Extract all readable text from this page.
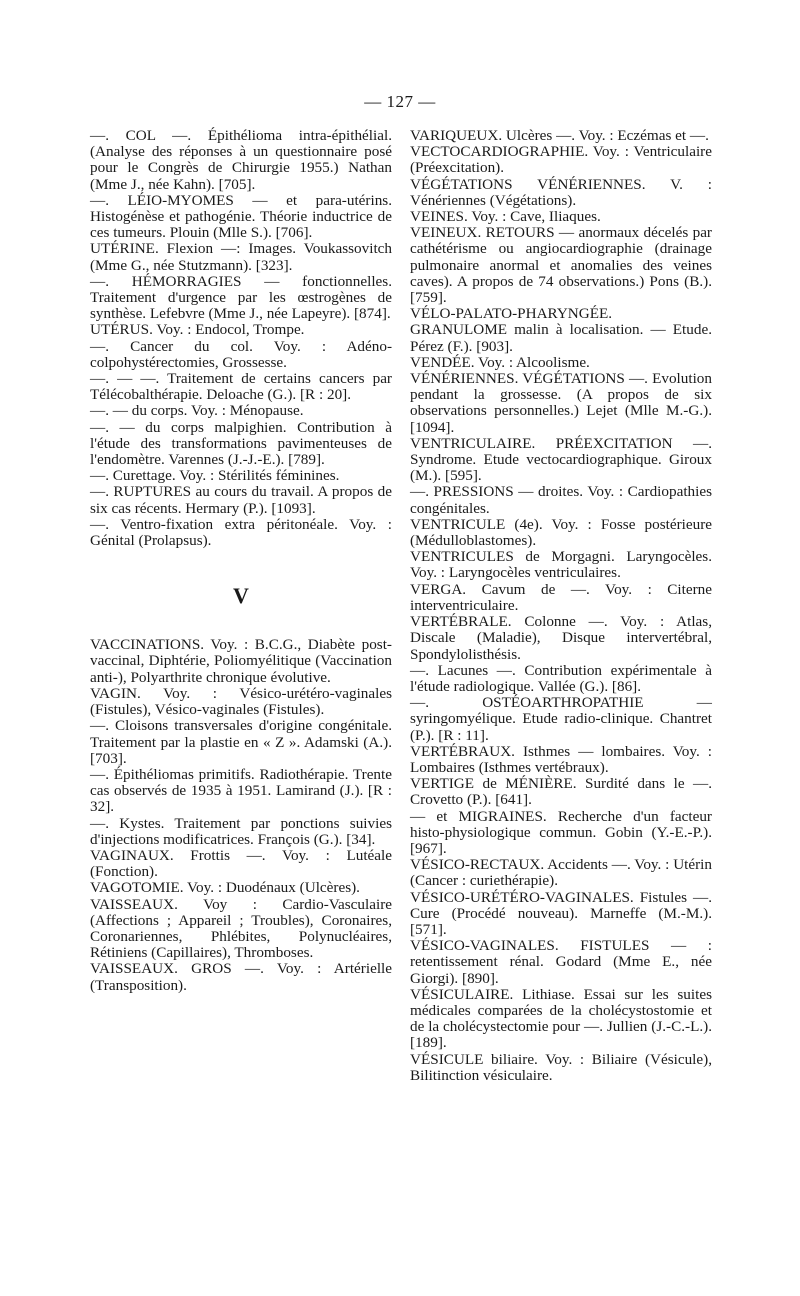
— 127 —

—. COL —. Épithélioma intra-épithélial. (Analyse des réponses à un questionnaire posé pour le Congrès de Chirurgie 1955.) Nathan (Mme J., née Kahn). [705].

—. LÉIO-MYOMES — et para-utérins. Histogénèse et pathogénie. Théorie inductrice de ces tumeurs. Plouin (Mlle S.). [706].

UTÉRINE. Flexion —: Images. Voukassovitch (Mme G., née Stutzmann). [323].

—. HÉMORRAGIES — fonctionnelles. Traitement d'urgence par les œstrogènes de synthèse. Lefebvre (Mme J., née Lapeyre). [874].

UTÉRUS. Voy. : Endocol, Trompe.

—. Cancer du col. Voy. : Adéno-colpohystérectomies, Grossesse.

—. — —. Traitement de certains cancers par Télécobalthérapie. Deloache (G.). [R : 20].

—. — du corps. Voy. : Ménopause.

—. — du corps malpighien. Contribution à l'étude des transformations pavimenteuses de l'endomètre. Varennes (J.-J.-E.). [789].

—. Curettage. Voy. : Stérilités féminines.

—. RUPTURES au cours du travail. A propos de six cas récents. Hermary (P.). [1093].

—. Ventro-fixation extra péritonéale. Voy. : Génital (Prolapsus).

V

VACCINATIONS. Voy. : B.C.G., Diabète post-vaccinal, Diphtérie, Poliomyélitique (Vaccination anti-), Polyarthrite chronique évolutive.

VAGIN. Voy. : Vésico-urétéro-vaginales (Fistules), Vésico-vaginales (Fistules).

—. Cloisons transversales d'origine congénitale. Traitement par la plastie en « Z ». Adamski (A.). [703].

—. Épithéliomas primitifs. Radiothérapie. Trente cas observés de 1935 à 1951. Lamirand (J.). [R : 32].

—. Kystes. Traitement par ponctions suivies d'injections modificatrices. François (G.). [34].

VAGINAUX. Frottis —. Voy. : Lutéale (Fonction).

VAGOTOMIE. Voy. : Duodénaux (Ulcères).

VAISSEAUX. Voy : Cardio-Vasculaire (Affections ; Appareil ; Troubles), Coronaires, Coronariennes, Phlébites, Polynucléaires, Rétiniens (Capillaires), Thromboses.

VAISSEAUX. GROS —. Voy. : Artérielle (Transposition).

VARIQUEUX. Ulcères —. Voy. : Eczémas et —.

VECTOCARDIOGRAPHIE. Voy. : Ventriculaire (Préexcitation).

VÉGÉTATIONS VÉNÉRIENNES. V. : Vénériennes (Végétations).

VEINES. Voy. : Cave, Iliaques.

VEINEUX. RETOURS — anormaux décelés par cathétérisme ou angiocardiographie (drainage pulmonaire anormal et anomalies des veines caves). A propos de 74 observations.) Pons (B.). [759].

VÉLO-PALATO-PHARYNGÉE. GRANULOME malin à localisation. — Etude. Pérez (F.). [903].

VENDÉE. Voy. : Alcoolisme.

VÉNÉRIENNES. VÉGÉTATIONS —. Evolution pendant la grossesse. (A propos de six observations personnelles.) Lejet (Mlle M.-G.). [1094].

VENTRICULAIRE. PRÉEXCITATION —. Syndrome. Etude vectocardiographique. Giroux (M.). [595].

—. PRESSIONS — droites. Voy. : Cardiopathies congénitales.

VENTRICULE (4e). Voy. : Fosse postérieure (Médulloblastomes).

VENTRICULES de Morgagni. Laryngocèles. Voy. : Laryngocèles ventriculaires.

VERGA. Cavum de —. Voy. : Citerne interventriculaire.

VERTÉBRALE. Colonne —. Voy. : Atlas, Discale (Maladie), Disque intervertébral, Spondylolisthésis.

—. Lacunes —. Contribution expérimentale à l'étude radiologique. Vallée (G.). [86].

—. OSTÉOARTHROPATHIE — syringomyélique. Etude radio-clinique. Chantret (P.). [R : 11].

VERTÉBRAUX. Isthmes — lombaires. Voy. : Lombaires (Isthmes vertébraux).

VERTIGE de MÉNIÈRE. Surdité dans le —. Crovetto (P.). [641].

— et MIGRAINES. Recherche d'un facteur histo-physiologique commun. Gobin (Y.-E.-P.). [967].

VÉSICO-RECTAUX. Accidents —. Voy. : Utérin (Cancer : curiethérapie).

VÉSICO-URÉTÉRO-VAGINALES. Fistules —. Cure (Procédé nouveau). Marneffe (M.-M.). [571].

VÉSICO-VAGINALES. FISTULES — : retentissement rénal. Godard (Mme E., née Giorgi). [890].

VÉSICULAIRE. Lithiase. Essai sur les suites médicales comparées de la cholécystostomie et de la cholécystectomie pour —. Jullien (J.-C.-L.). [189].

VÉSICULE biliaire. Voy. : Biliaire (Vésicule), Bilitinction vésiculaire.
